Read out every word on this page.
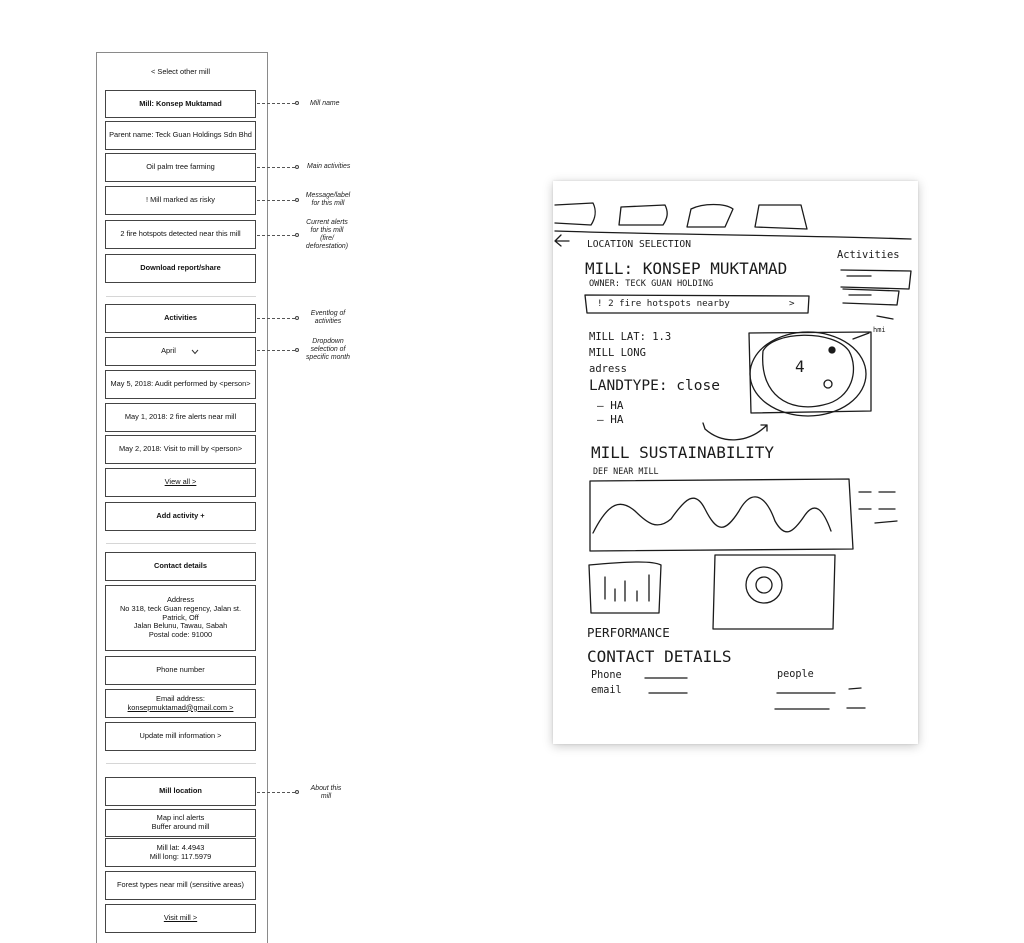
< Select other mill
Mill: Konsep Muktamad
Parent name: Teck Guan Holdings Sdn Bhd
Oil palm tree farming
! Mill marked as risky
2 fire hotspots detected near this mill
Download report/share
Activities
April
May 5, 2018: Audit performed by <person>
May 1, 2018: 2 fire alerts near mill
May 2, 2018: Visit to mill by <person>
View all >
Add activity +
Contact details
Address
No 318, teck Guan regency, Jalan st.
Patrick, Off
Jalan Belunu, Tawau, Sabah
Postal code: 91000
Phone number
Email address:
konsepmuktamad@gmail.com >
Update mill information >
Mill location
Map incl alerts
Buffer around mill
Mill lat: 4.4943
Mill long: 117.5979
Forest types near mill (sensitive areas)
Visit mill >
Mill name
Main activities
Message/label
for this mill
Current alerts
for this mill
(fire/
deforestation)
Eventlog of
activities
Dropdown
selection of
specific month
About this
mill
LOCATION SELECTION
MILL: KONSEP MUKTAMAD
OWNER: TECK GUAN HOLDING
! 2 fire hotspots nearby	>
Activities
MILL LAT: 1.3
MILL LONG
adress
LANDTYPE: close
— HA
— HA
hmi
4
MILL SUSTAINABILITY
DEF NEAR MILL
PERFORMANCE
CONTACT DETAILS
Phone
email
people
